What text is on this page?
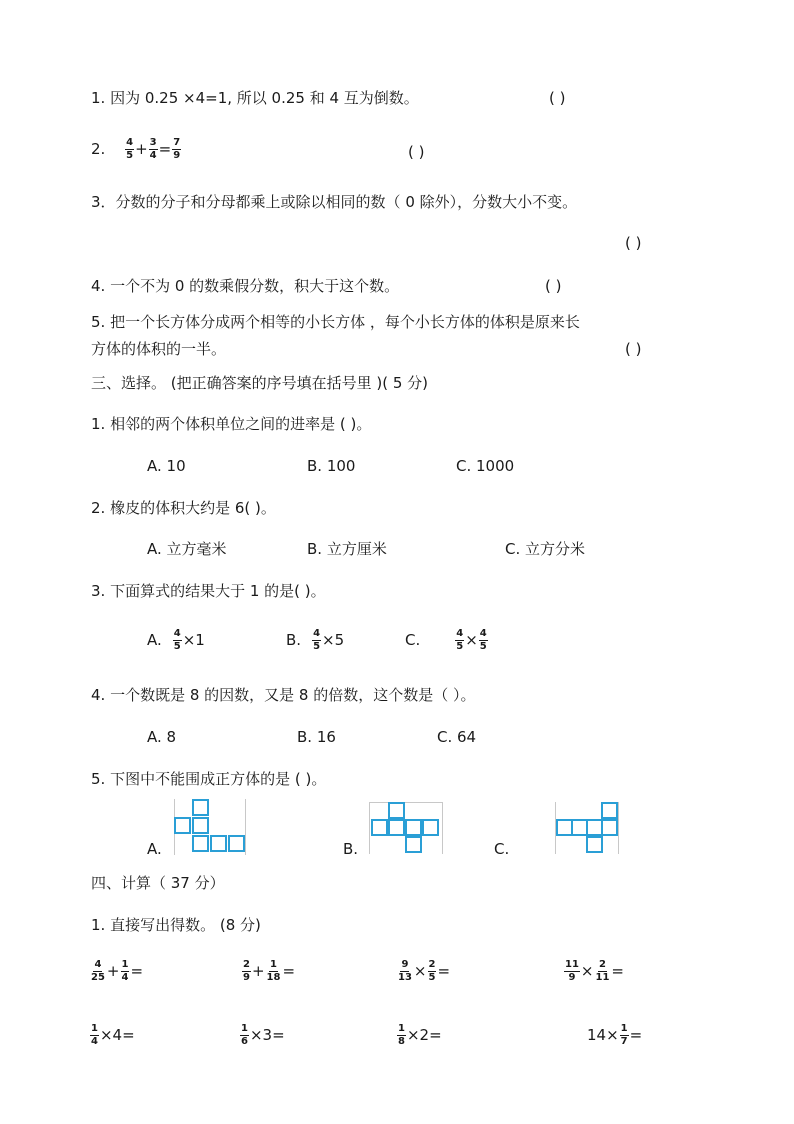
1. 因为 0.25 ×4=1, 所以 0.25 和 4 互为倒数。	( )
2. $\frac{4}{5} + \frac{3}{4} = \frac{7}{9}$	( )
3．分数的分子和分母都乘上或除以相同的数（ 0 除外），分数大小不变。
( )
4. 一个不为 0 的数乘假分数，积大于这个数。	( )
5. 把一个长方体分成两个相等的小长方体 ，每个小长方体的体积是原来长
方体的体积的一半。	( )
三、选择。 (把正确答案的序号填在括号里 )( 5 分)
1. 相邻的两个体积单位之间的进率是 ( )。
A. 10	B. 100	C. 1000
2. 橡皮的体积大约是 6( )。
A. 立方毫米	B. 立方厘米	C. 立方分米
3. 下面算式的结果大于 1 的是( )。
A. $\frac{4}{5} \times 1$	B. $\frac{4}{5} \times 5$	C.	$\frac{4}{5} \times \frac{4}{5}$
4. 一个数既是 8 的因数，又是 8 的倍数，这个数是（ ）。
A. 8	B. 16	C. 64
5. 下图中不能围成正方体的是 ( )。
A.	B.	C.
四、计算（ 37 分）
1. 直接写出得数。 (8 分)
$\frac{4}{25} + \frac{1}{4}$ =	$\frac{2}{9} + \frac{1}{18}$ =	$\frac{9}{13} \times \frac{2}{5}$ =	$\frac{11}{9} \times \frac{2}{11}$ =
$\frac{1}{4} \times 4=$	$\frac{1}{6} \times 3=$	$\frac{1}{8} \times 2=$	$14\times \frac{1}{7}$ =
